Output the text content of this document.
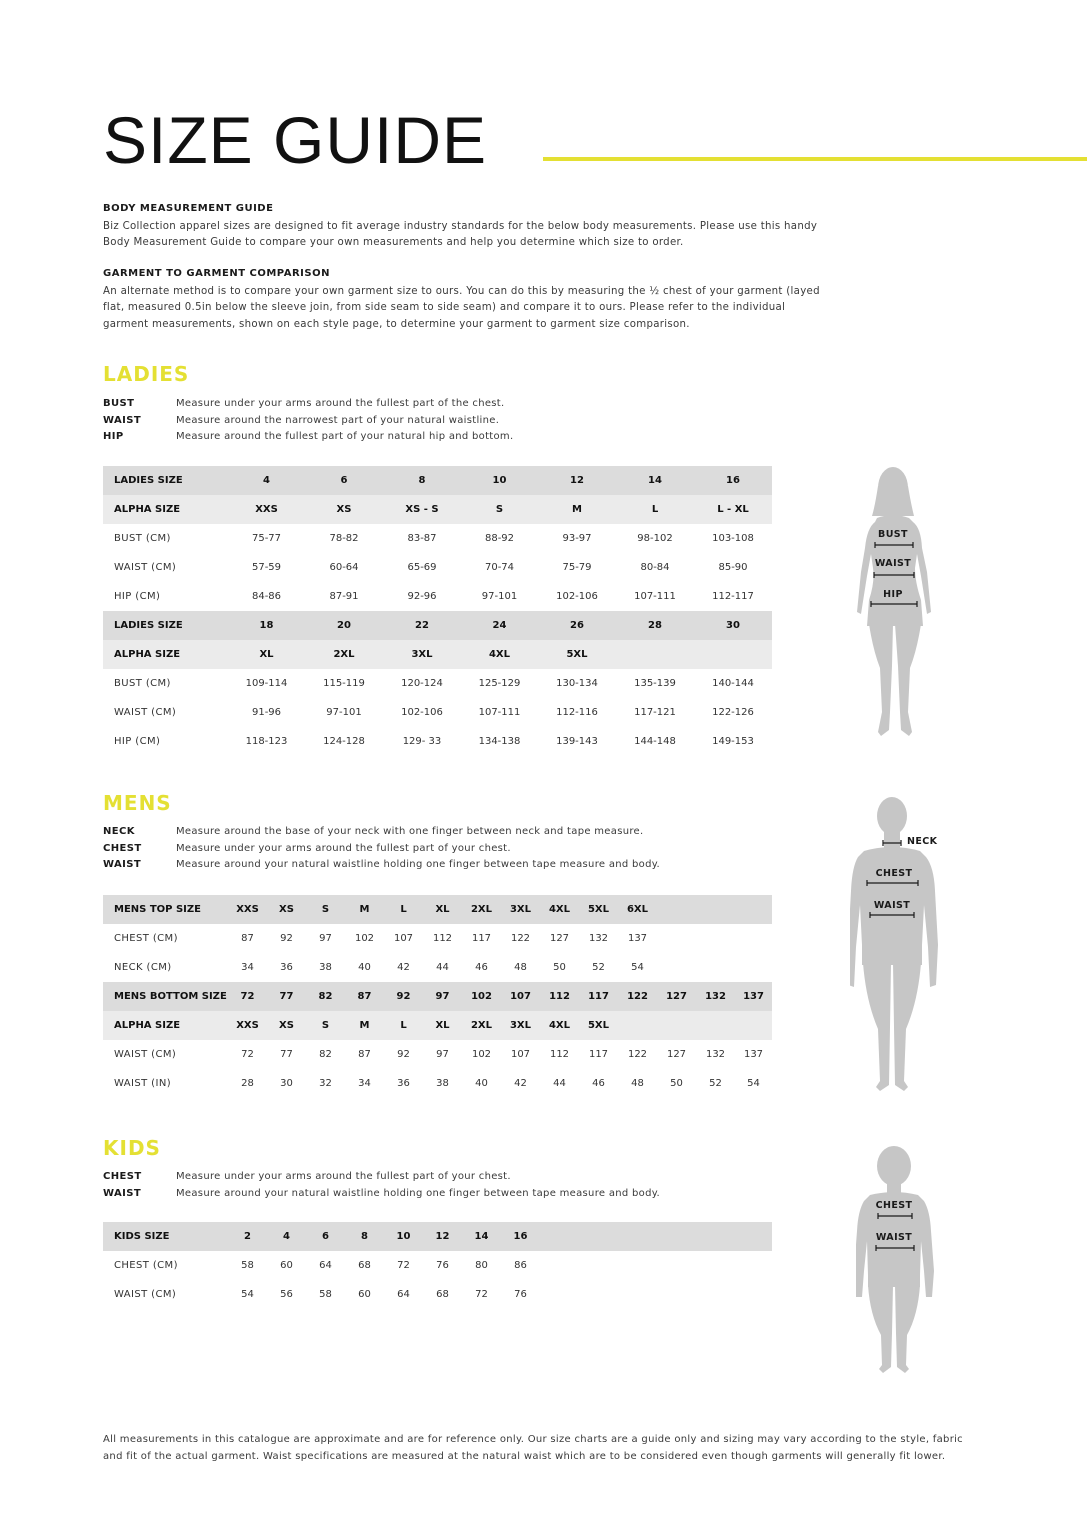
SIZE GUIDE
BODY MEASUREMENT GUIDE

Biz Collection apparel sizes are designed to fit average industry standards for the below body measurements. Please use this handy Body Measurement Guide to compare your own measurements and help you determine which size to order.

GARMENT TO GARMENT COMPARISON

An alternate method is to compare your own garment size to ours. You can do this by measuring the ½ chest of your garment (layed flat, measured 0.5in below the sleeve join, from side seam to side seam) and compare it to ours. Please refer to the individual garment measurements, shown on each style page, to determine your garment to garment size comparison.

LADIES
BUST	Measure under your arms around the fullest part of the chest.
WAIST	Measure around the narrowest part of your natural waistline.
HIP	Measure around the fullest part of your natural hip and bottom.
LADIES SIZE	4	6	8	10	12	14	16
ALPHA SIZE	XXS	XS	XS - S	S	M	L	L - XL
BUST (CM)	75-77	78-82	83-87	88-92	93-97	98-102	103-108
WAIST (CM)	57-59	60-64	65-69	70-74	75-79	80-84	85-90
HIP (CM)	84-86	87-91	92-96	97-101	102-106	107-111	112-117
LADIES SIZE	18	20	22	24	26	28	30
ALPHA SIZE	XL	2XL	3XL	4XL	5XL		
BUST (CM)	109-114	115-119	120-124	125-129	130-134	135-139	140-144
WAIST (CM)	91-96	97-101	102-106	107-111	112-116	117-121	122-126
HIP (CM)	118-123	124-128	129- 33	134-138	139-143	144-148	149-153
MENS
NECK	Measure around the base of your neck with one finger between neck and tape measure.
CHEST	Measure under your arms around the fullest part of your chest.
WAIST	Measure around your natural waistline holding one finger between tape measure and body.
MENS TOP SIZE	XXS	XS	S	M	L	XL	2XL	3XL	4XL	5XL	6XL			
CHEST (CM)	87	92	97	102	107	112	117	122	127	132	137			
NECK (CM)	34	36	38	40	42	44	46	48	50	52	54			
MENS BOTTOM SIZE	72	77	82	87	92	97	102	107	112	117	122	127	132	137
ALPHA SIZE	XXS	XS	S	M	L	XL	2XL	3XL	4XL	5XL				
WAIST (CM)	72	77	82	87	92	97	102	107	112	117	122	127	132	137
WAIST (IN)	28	30	32	34	36	38	40	42	44	46	48	50	52	54
KIDS
CHEST	Measure under your arms around the fullest part of your chest.
WAIST	Measure around your natural waistline holding one finger between tape measure and body.
KIDS SIZE	2	4	6	8	10	12	14	16						
CHEST (CM)	58	60	64	68	72	76	80	86						
WAIST (CM)	54	56	58	60	64	68	72	76						
BUST
WAIST
HIP
NECK
CHEST
WAIST
CHEST
WAIST

All measurements in this catalogue are approximate and are for reference only. Our size charts are a guide only and sizing may vary according to the style, fabric and fit of the actual garment. Waist specifications are measured at the natural waist which are to be considered even though garments will generally fit lower.
